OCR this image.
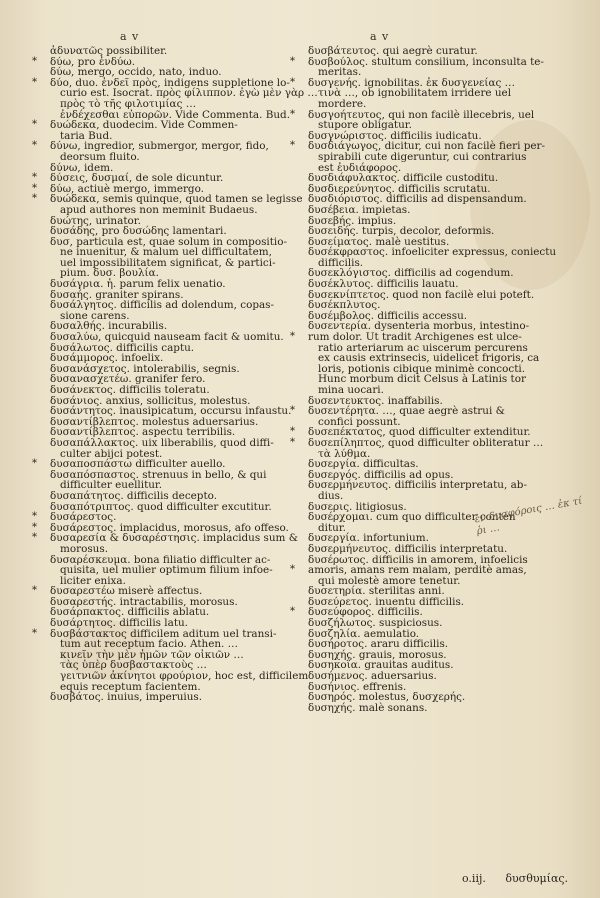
a v	a v
ἀδυνατῶς possibiliter.
* δύω, pro ἐνδύω.
δύω, mergo, occido, nato, induo.
* δύο, duo. ἐνδεῖ πρὸς, indigens suppletione lo-
curio est. Isocrat. πρὸς φίλιππον. ἐγὼ μὲν γὰρ …
πρὸς τὸ τῆς φιλοτιμίας …
ἐνδέχεσθαι εὐπορῶν. Vide Commenta. Bud.
* δυώδεκα, duodecim. Vide Commen-
taria Bud.
* δύνω, ingredior, submergor, mergor, fido,
deorsum fluito.
δύνω, idem.
* δύσεις, δυσμαί, de sole dicuntur.
* δύω, actiuè mergo, immergo.
* δυώδεκα, semis quinque, quod tamen se legisse
apud authores non meminit Budaeus.
δυώτης, urinator.
δυσάδης, pro δυσώδης lamentari.
δυσ, particula est, quae solum in compositio-
ne inuenitur, & malum uel difficultatem,
uel impossibilitatem significat, & partici-
pium. δυσ. βουλία.
δυσάγρια. ἡ. parum felix uenatio.
δυσαής. graniter spirans.
δυσάλγητος. difficilis ad dolendum, copas-
sione carens.
δυσαλθής. incurabilis.
δυσαλύω, quicquid nauseam facit & uomitu.
δυσάλωτος. difficilis captu.
δυσάμμορος. infoelix.
δυσανάσχετος. intolerabilis, segnis.
δυσανασχετέω. granifer fero.
δυσάνεκτος. difficilis toleratu.
δυσάνιος. anxius, sollicitus, molestus.
δυσάντητος. inausipicatum, occursu infaustu.
δυσαντίβλεπτος. molestus aduersarius.
δυσαντίβλεπτος. aspectu terribilis.
δυσαπάλλακτος. uix liberabilis, quod diffi-
culter abijci potest.
* δυσαποσπάστω difficulter auello.
δυσαπόσπαστος. strenuus in bello, & qui
difficulter euellitur.
δυσαπάτητος. difficilis decepto.
δυσαπότριπτος. quod difficulter excutitur.
* δυσάρεστος.
* δυσάρεστος. implacidus, morosus, afo offeso.
* δυσαρεσία & δυσαρέστησις. implacidus sum &
morosus.
δυσαρέσκευμα. bona filiatio difficulter ac-
quisita, uel mulier optimum filium infoe-
liciter enixa.
* δυσαρεστέω miserè affectus.
δυσαρεστής. intractabilis, morosus.
δυσάρπακτος. difficilis ablatu.
δυσάρτητος. difficilis latu.
* δυσβάστακτος difficilem aditum uel transi-
tum aut receptum facio. Athen. …
κινεῖν τὴν μὲν ἡμῶν τῶν οἰκιῶν …
τὰς ὑπὲρ δυσβαστακτοὺς …
γειτνιῶν ἀκίνητοι φρούριον, hoc est, difficilem
equis receptum facientem.
δυσβάτος. inuius, imperuius.
δυσβάτευτος. qui aegrè curatur.
* δυσβούλος. stultum consilium, inconsulta te-
meritas.
* δυσγενής. ignobilitas. ἐκ δυσγενείας …
τινὰ …, ob ignobilitatem irridere uel
mordere.
* δυσγοήτευτος, qui non facilè illecebris, uel
stupore obligatur.
δυσγνώριστος. difficilis iudicatu.
* δυσδιάγωγος, dicitur, cui non facilè fieri per-
spirabili cute digeruntur, cui contrarius
est ἐυδιάφορος.
δυσδιάφυλακτος. difficile custoditu.
δυσδιερεύνητος. difficilis scrutatu.
δυσδιόριστος. difficilis ad dispensandum.
δυσέβεια. impietas.
δυσεβής. impius.
δυσειδής. turpis, decolor, deformis.
δυσείματος. malè uestitus.
δυσέκφραστος. infoeliciter expressus, coniectu
difficilis.
δυσεκλόγιστος. difficilis ad cogendum.
δυσέκλυτος. difficilis lauatu.
δυσεκνίπτετος. quod non facilè elui poteft.
δυσέκπλυτος.
δυσέμβολος. difficilis accessu.
δυσεντερία. dysenteria morbus, intestino-
* rum dolor. Ut tradit Archigenes est ulce-
ratio arteriarum ac uiscerum percurens
ex causis extrinsecis, uidelicet frigoris, ca
loris, potionis cibique minimè concocti.
Hunc morbum dicit Celsus à Latinis tor
mina uocari.
δυσεντευκτος. inaffabilis.
* δυσεντέρητα. …, quae aegrè astrui &
confici possunt.
* δυσεπέκτατος, quod difficulter extenditur.
* δυσεπίληπτος, quod difficulter obliteratur …
τὰ λύθμα.
δυσεργία. difficultas.
δυσεργός. difficilis ad opus.
δυσερμήνευτος. difficilis interpretatu, ab-
dius.
δυσερις. litigiosus.
δυσέρχομαι. cum quo difficulter conten
ditur.
δυσεργία. infortunium.
δυσερμήνευτος. difficilis interpretatu.
δυσέρωτος. difficilis in amorem, infoelicis
* amoris, amans rem malam, perditè amas,
qui molestè amore tenetur.
δυσετηρία. sterilitas anni.
δυσεύρετος. inuentu difficilis.
* δυσεύφορος. difficilis.
δυσζήλωτος. suspiciosus.
δυσζηλία. aemulatio.
δυσήροτος. araru difficilis.
δυσηχής. grauis, morosus.
δυσηκοΐα. grauitas auditus.
δυσήμενος. aduersarius.
δυσήνιος. effrenis.
δυσηρός. molestus, δυσχερής.
δυσηχής. malè sonans.
ἐν δυσφόροις … ἐκ τί ῥι …
o.iij. δυσθυμίας.
